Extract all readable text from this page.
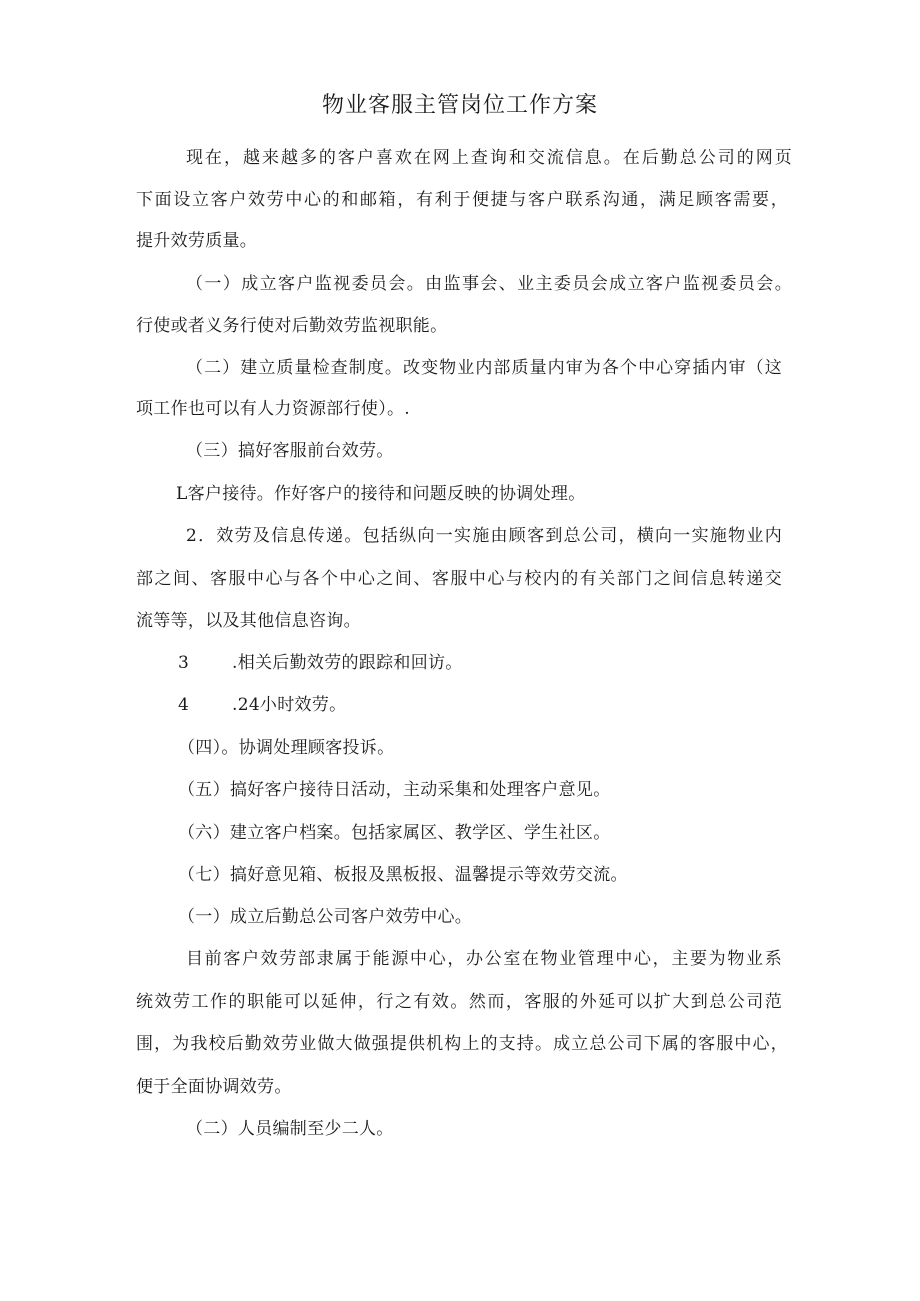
物业客服主管岗位工作方案
现在，越来越多的客户喜欢在网上查询和交流信息。在后勤总公司的网页
下面设立客户效劳中心的和邮箱，有利于便捷与客户联系沟通，满足顾客需要，
提升效劳质量。
（一）成立客户监视委员会。由监事会、业主委员会成立客户监视委员会。
行使或者义务行使对后勤效劳监视职能。
（二）建立质量检查制度。改变物业内部质量内审为各个中心穿插内审（这
项工作也可以有人力资源部行使）。.
（三）搞好客服前台效劳。
L客户接待。作好客户的接待和问题反映的协调处理。
2．效劳及信息传递。包括纵向一实施由顾客到总公司，横向一实施物业内
部之间、客服中心与各个中心之间、客服中心与校内的有关部门之间信息转递交
流等等，以及其他信息咨询。
3	.相关后勤效劳的跟踪和回访。
4	.24小时效劳。
（四）。协调处理顾客投诉。
（五）搞好客户接待日活动，主动采集和处理客户意见。
（六）建立客户档案。包括家属区、教学区、学生社区。
（七）搞好意见箱、板报及黑板报、温馨提示等效劳交流。
（一）成立后勤总公司客户效劳中心。
目前客户效劳部隶属于能源中心，办公室在物业管理中心，主要为物业系
统效劳工作的职能可以延伸，行之有效。然而，客服的外延可以扩大到总公司范
围，为我校后勤效劳业做大做强提供机构上的支持。成立总公司下属的客服中心，
便于全面协调效劳。
（二）人员编制至少二人。
